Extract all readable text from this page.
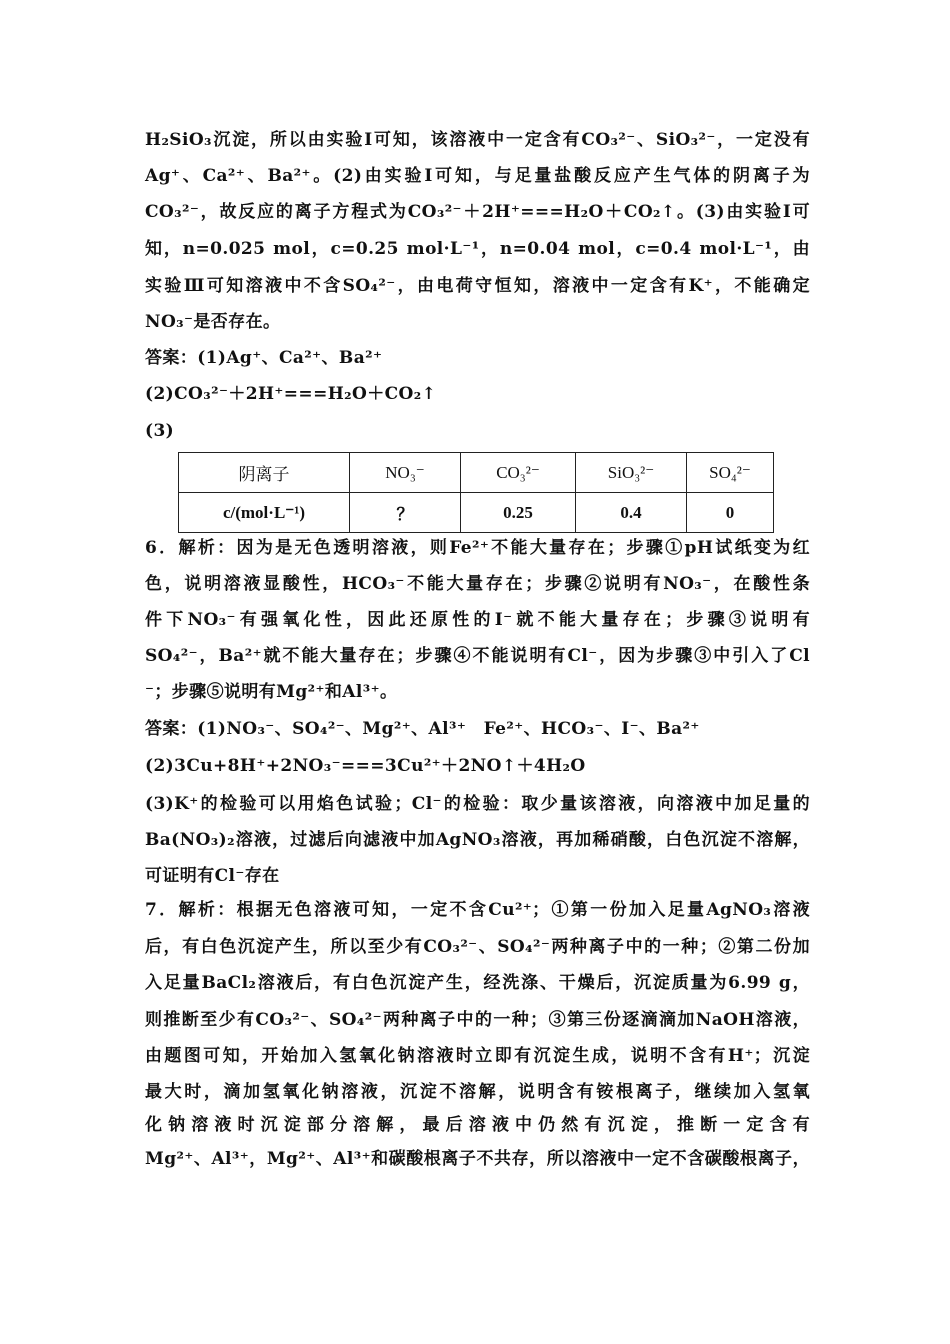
H₂SiO₃沉淀，所以由实验Ⅰ可知，该溶液中一定含有CO₃²⁻、SiO₃²⁻，一定没有
Ag⁺、Ca²⁺、Ba²⁺。(2)由实验Ⅰ可知，与足量盐酸反应产生气体的阴离子为
CO₃²⁻，故反应的离子方程式为CO₃²⁻＋2H⁺===H₂O＋CO₂↑。(3)由实验Ⅰ可
知，n=0.025 mol，c=0.25 mol·L⁻¹，n=0.04 mol，c=0.4 mol·L⁻¹，由
实验Ⅲ可知溶液中不含SO₄²⁻，由电荷守恒知，溶液中一定含有K⁺，不能确定
NO₃⁻是否存在。
答案：(1)Ag⁺、Ca²⁺、Ba²⁺
(2)CO₃²⁻＋2H⁺===H₂O＋CO₂↑
(3)
阴离子	NO₃⁻	CO₃²⁻	SiO₃²⁻	SO₄²⁻
c/(mol·L⁻¹)	？	0.25	0.4	0
6．解析：因为是无色透明溶液，则Fe²⁺不能大量存在；步骤①pH试纸变为红
色，说明溶液显酸性，HCO₃⁻不能大量存在；步骤②说明有NO₃⁻，在酸性条
件下NO₃⁻有强氧化性，因此还原性的I⁻就不能大量存在；步骤③说明有
SO₄²⁻，Ba²⁺就不能大量存在；步骤④不能说明有Cl⁻，因为步骤③中引入了Cl
⁻；步骤⑤说明有Mg²⁺和Al³⁺。
答案：(1)NO₃⁻、SO₄²⁻、Mg²⁺、Al³⁺　Fe²⁺、HCO₃⁻、I⁻、Ba²⁺
(2)3Cu+8H⁺+2NO₃⁻===3Cu²⁺＋2NO↑＋4H₂O
(3)K⁺的检验可以用焰色试验；Cl⁻的检验：取少量该溶液，向溶液中加足量的
Ba(NO₃)₂溶液，过滤后向滤液中加AgNO₃溶液，再加稀硝酸，白色沉淀不溶解，
可证明有Cl⁻存在
7．解析：根据无色溶液可知，一定不含Cu²⁺；①第一份加入足量AgNO₃溶液
后，有白色沉淀产生，所以至少有CO₃²⁻、SO₄²⁻两种离子中的一种；②第二份加
入足量BaCl₂溶液后，有白色沉淀产生，经洗涤、干燥后，沉淀质量为6.99 g，
则推断至少有CO₃²⁻、SO₄²⁻两种离子中的一种；③第三份逐滴滴加NaOH溶液，
由题图可知，开始加入氢氧化钠溶液时立即有沉淀生成，说明不含有H⁺；沉淀
最大时，滴加氢氧化钠溶液，沉淀不溶解，说明含有铵根离子，继续加入氢氧
化钠溶液时沉淀部分溶解，最后溶液中仍然有沉淀，推断一定含有
Mg²⁺、Al³⁺，Mg²⁺、Al³⁺和碳酸根离子不共存，所以溶液中一定不含碳酸根离子，
